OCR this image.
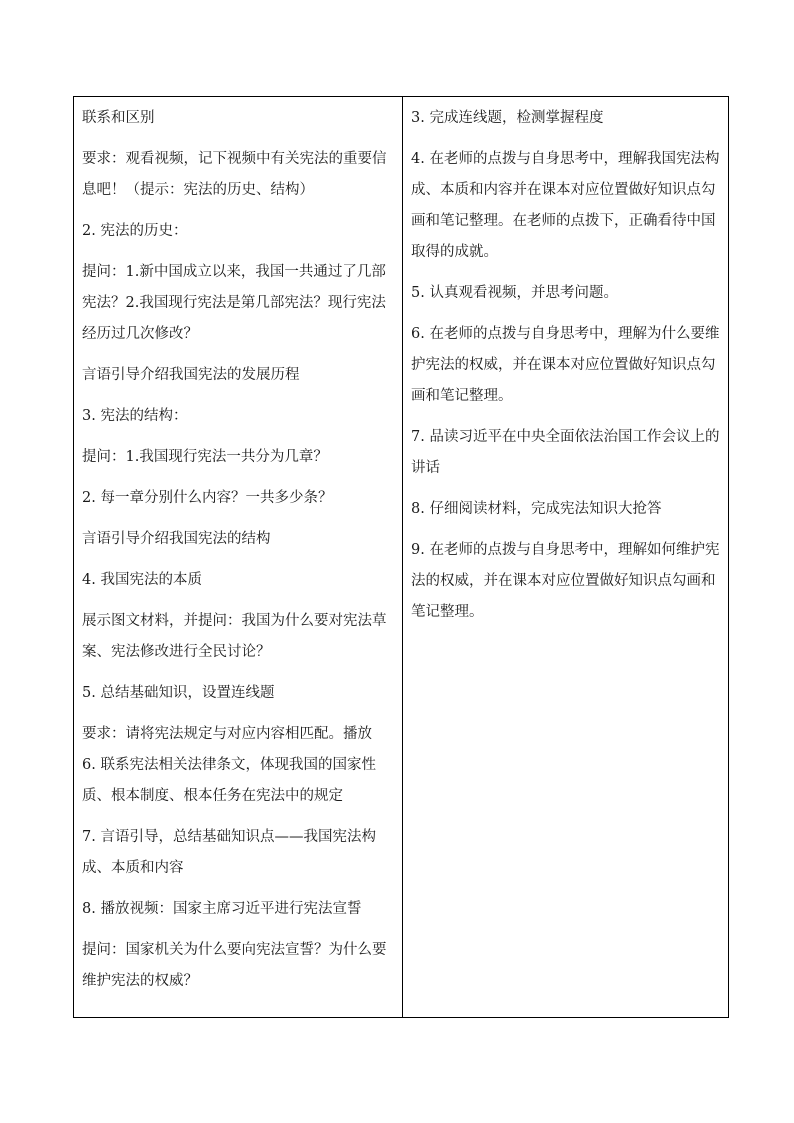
联系和区别

要求：观看视频，记下视频中有关宪法的重要信息吧！（提示：宪法的历史、结构）

2. 宪法的历史：

提问：1.新中国成立以来，我国一共通过了几部宪法？2.我国现行宪法是第几部宪法？现行宪法经历过几次修改？

言语引导介绍我国宪法的发展历程

3. 宪法的结构：

提问：1.我国现行宪法一共分为几章？

2. 每一章分别什么内容？一共多少条？

言语引导介绍我国宪法的结构

4. 我国宪法的本质

展示图文材料，并提问：我国为什么要对宪法草案、宪法修改进行全民讨论？

5. 总结基础知识，设置连线题

要求：请将宪法规定与对应内容相匹配。播放

6. 联系宪法相关法律条文，体现我国的国家性质、根本制度、根本任务在宪法中的规定

7. 言语引导，总结基础知识点——我国宪法构成、本质和内容

8. 播放视频：国家主席习近平进行宪法宣誓

提问：国家机关为什么要向宪法宣誓？为什么要维护宪法的权威？

3. 完成连线题，检测掌握程度

4. 在老师的点拨与自身思考中，理解我国宪法构成、本质和内容并在课本对应位置做好知识点勾画和笔记整理。在老师的点拨下，正确看待中国取得的成就。

5. 认真观看视频，并思考问题。

6. 在老师的点拨与自身思考中，理解为什么要维护宪法的权威，并在课本对应位置做好知识点勾画和笔记整理。

7. 品读习近平在中央全面依法治国工作会议上的讲话

8. 仔细阅读材料，完成宪法知识大抢答

9. 在老师的点拨与自身思考中，理解如何维护宪法的权威，并在课本对应位置做好知识点勾画和笔记整理。
